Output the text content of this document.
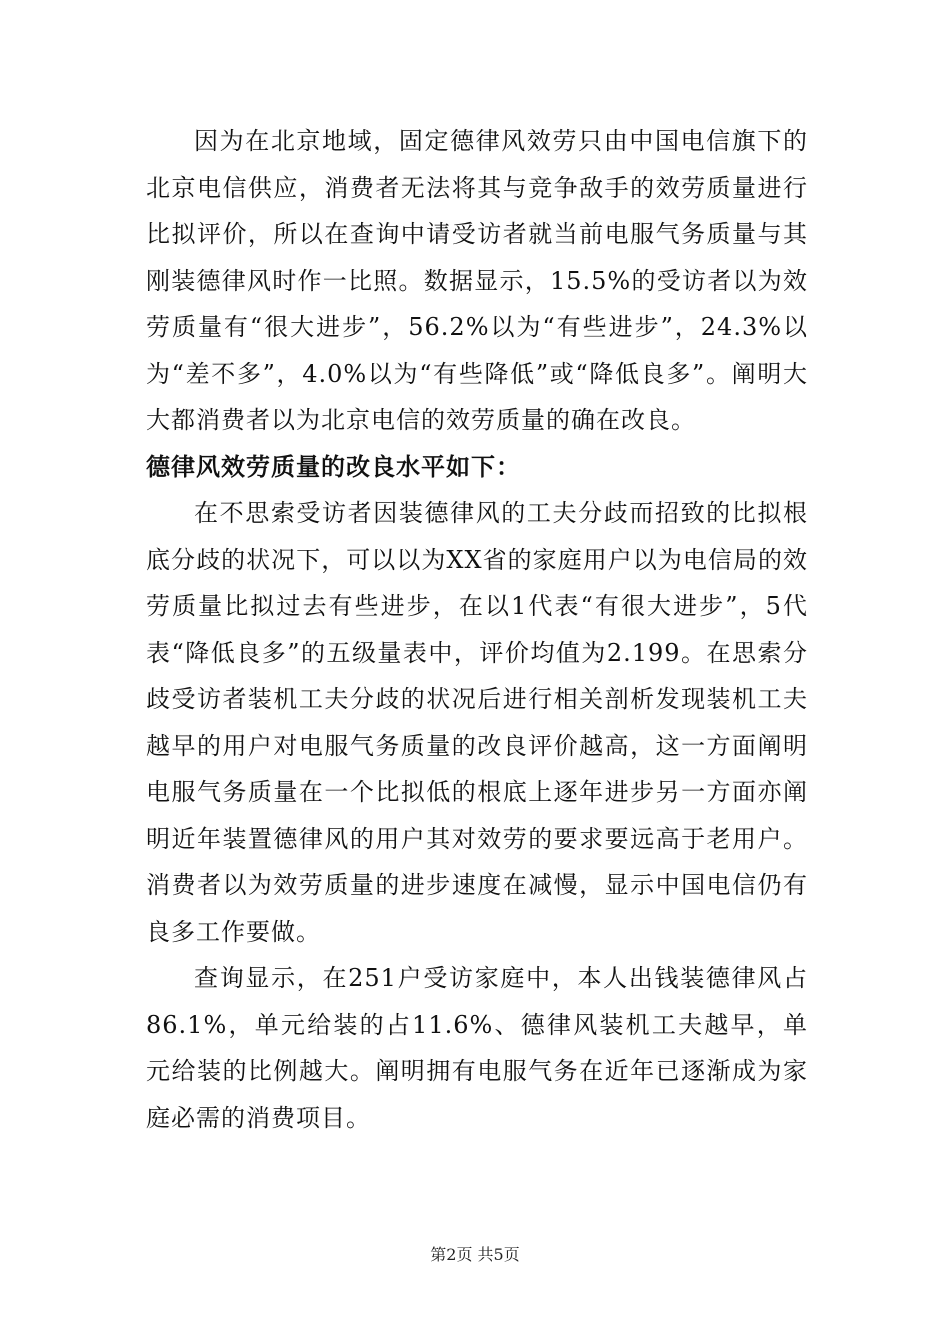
因为在北京地域，固定德律风效劳只由中国电信旗下的北京电信供应，消费者无法将其与竞争敌手的效劳质量进行比拟评价，所以在查询中请受访者就当前电服气务质量与其刚装德律风时作一比照。数据显示，15.5%的受访者以为效劳质量有“很大进步”，56.2%以为“有些进步”，24.3%以为“差不多”，4.0%以为“有些降低”或“降低良多”。阐明大大都消费者以为北京电信的效劳质量的确在改良。

德律风效劳质量的改良水平如下：

在不思索受访者因装德律风的工夫分歧而招致的比拟根底分歧的状况下，可以以为XX省的家庭用户以为电信局的效劳质量比拟过去有些进步，在以1代表“有很大进步”，5代表“降低良多”的五级量表中，评价均值为2.199。在思索分歧受访者装机工夫分歧的状况后进行相关剖析发现装机工夫越早的用户对电服气务质量的改良评价越高，这一方面阐明电服气务质量在一个比拟低的根底上逐年进步另一方面亦阐明近年装置德律风的用户其对效劳的要求要远高于老用户。消费者以为效劳质量的进步速度在减慢，显示中国电信仍有良多工作要做。

查询显示，在251户受访家庭中，本人出钱装德律风占86.1%，单元给装的占11.6%、德律风装机工夫越早，单元给装的比例越大。阐明拥有电服气务在近年已逐渐成为家庭必需的消费项目。

第2页 共5页
